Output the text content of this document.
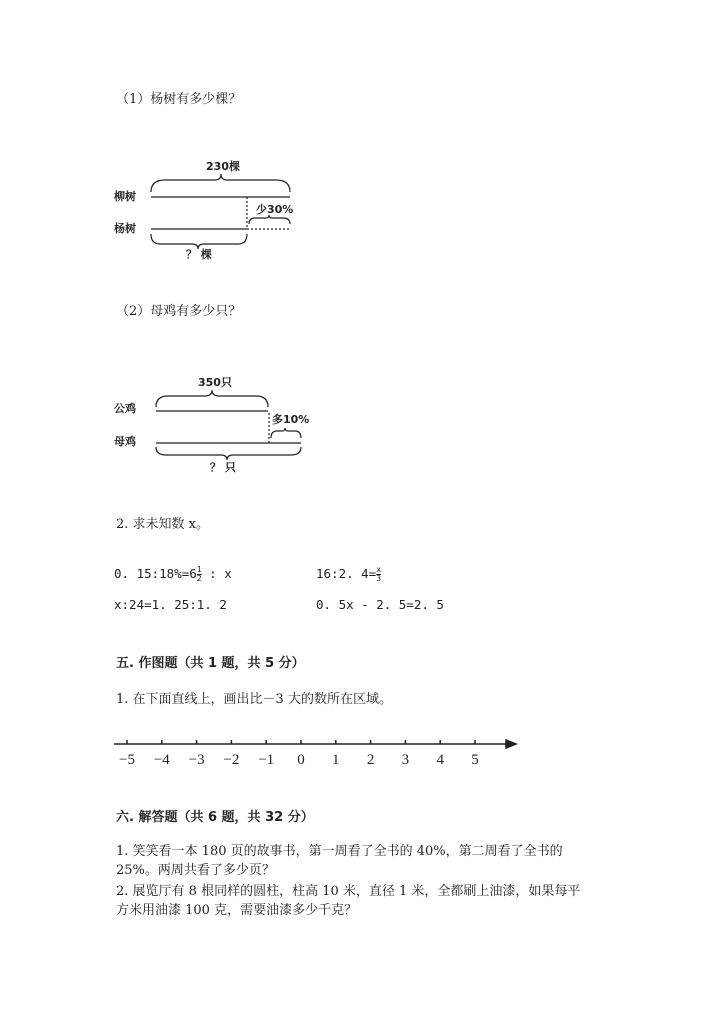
（1）杨树有多少棵？
230棵
柳树
少30%
杨树
？ 棵
350只
公鸡
多10%
母鸡
？ 只
−5 −4 −3 −2 −1 0 1 2 3 4 5
（2）母鸡有多少只？
2. 求未知数 x。
0. 15:18%=6 $\frac{1}{2}$ : x	16:2. $4= \frac{x}{3}$
x:24=1. 25:1. 2	0. 5x - 2. 5=2. 5
五. 作图题（共 1 题，共 5 分）
1. 在下面直线上，画出比－3 大的数所在区域。
六. 解答题（共 6 题，共 32 分）
1. 笑笑看一本 180 页的故事书，第一周看了全书的 40%，第二周看了全书的
25%。两周共看了多少页？
2. 展览厅有 8 根同样的圆柱，柱高 10 米，直径 1 米，全都刷上油漆，如果每平
方米用油漆 100 克，需要油漆多少千克？
